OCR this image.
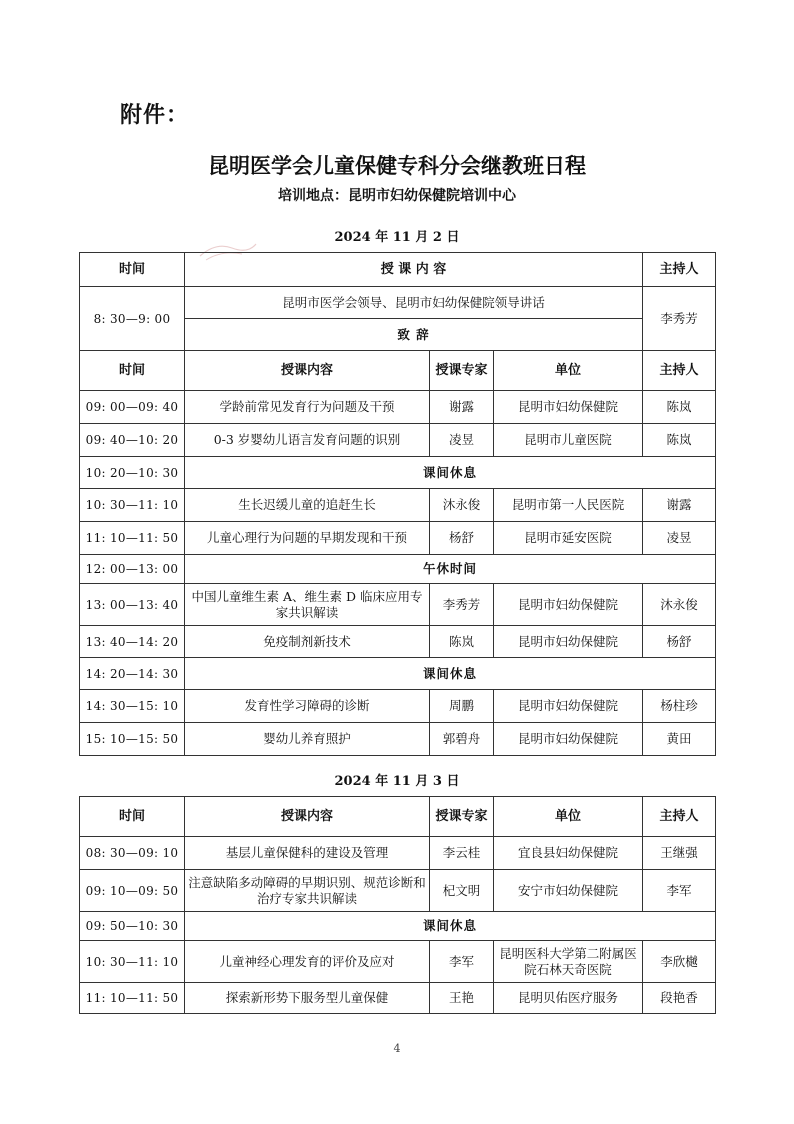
附件：
昆明医学会儿童保健专科分会继教班日程
培训地点：昆明市妇幼保健院培训中心
2024 年 11 月 2 日
时间	授 课 内 容	主持人
8: 30—9: 00	昆明市医学会领导、昆明市妇幼保健院领导讲话	李秀芳
	致 辞	
时间	授课内容	授课专家	单位	主持人
09: 00—09: 40	学龄前常见发育行为问题及干预	谢露	昆明市妇幼保健院	陈岚
09: 40—10: 20	0-3 岁婴幼儿语言发育问题的识别	凌昱	昆明市儿童医院	陈岚
10: 20—10: 30	课间休息			
10: 30—11: 10	生长迟缓儿童的追赶生长	沐永俊	昆明市第一人民医院	谢露
11: 10—11: 50	儿童心理行为问题的早期发现和干预	杨舒	昆明市延安医院	凌昱
12: 00—13: 00	午休时间			
13: 00—13: 40	中国儿童维生素 A、维生素 D 临床应用专家共识解读	李秀芳	昆明市妇幼保健院	沐永俊
13: 40—14: 20	免疫制剂新技术	陈岚	昆明市妇幼保健院	杨舒
14: 20—14: 30	课间休息			
14: 30—15: 10	发育性学习障碍的诊断	周鹏	昆明市妇幼保健院	杨柱珍
15: 10—15: 50	婴幼儿养育照护	郭碧舟	昆明市妇幼保健院	黄田
2024 年 11 月 3 日
时间	授课内容	授课专家	单位	主持人
08: 30—09: 10	基层儿童保健科的建设及管理	李云桂	宜良县妇幼保健院	王继强
09: 10—09: 50	注意缺陷多动障碍的早期识别、规范诊断和治疗专家共识解读	杞文明	安宁市妇幼保健院	李军
09: 50—10: 30	课间休息			
10: 30—11: 10	儿童神经心理发育的评价及应对	李军	昆明医科大学第二附属医院石林天奇医院	李欣樾
11: 10—11: 50	探索新形势下服务型儿童保健	王艳	昆明贝佑医疗服务	段艳香
4
